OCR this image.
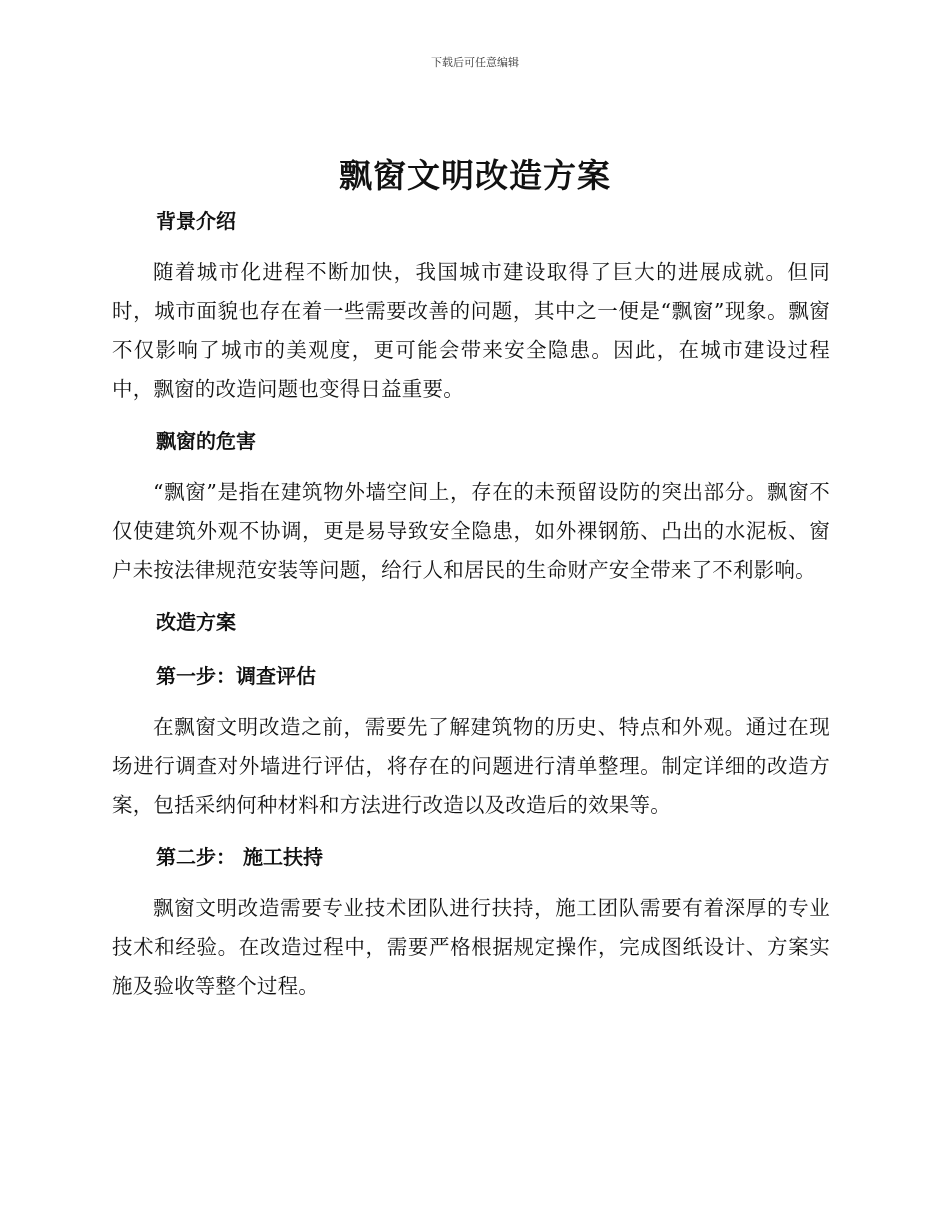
下载后可任意编辑
飘窗文明改造方案
背景介绍

随着城市化进程不断加快，我国城市建设取得了巨大的进展成就。但同时，城市面貌也存在着一些需要改善的问题，其中之一便是“飘窗”现象。飘窗不仅影响了城市的美观度，更可能会带来安全隐患。因此，在城市建设过程中，飘窗的改造问题也变得日益重要。

飘窗的危害

“飘窗”是指在建筑物外墙空间上，存在的未预留设防的突出部分。飘窗不仅使建筑外观不协调，更是易导致安全隐患，如外裸钢筋、凸出的水泥板、窗户未按法律规范安装等问题，给行人和居民的生命财产安全带来了不利影响。

改造方案
第一步：调查评估

在飘窗文明改造之前，需要先了解建筑物的历史、特点和外观。通过在现场进行调查对外墙进行评估，将存在的问题进行清单整理。制定详细的改造方案，包括采纳何种材料和方法进行改造以及改造后的效果等。

第二步： 施工扶持

飘窗文明改造需要专业技术团队进行扶持，施工团队需要有着深厚的专业技术和经验。在改造过程中，需要严格根据规定操作，完成图纸设计、方案实施及验收等整个过程。
